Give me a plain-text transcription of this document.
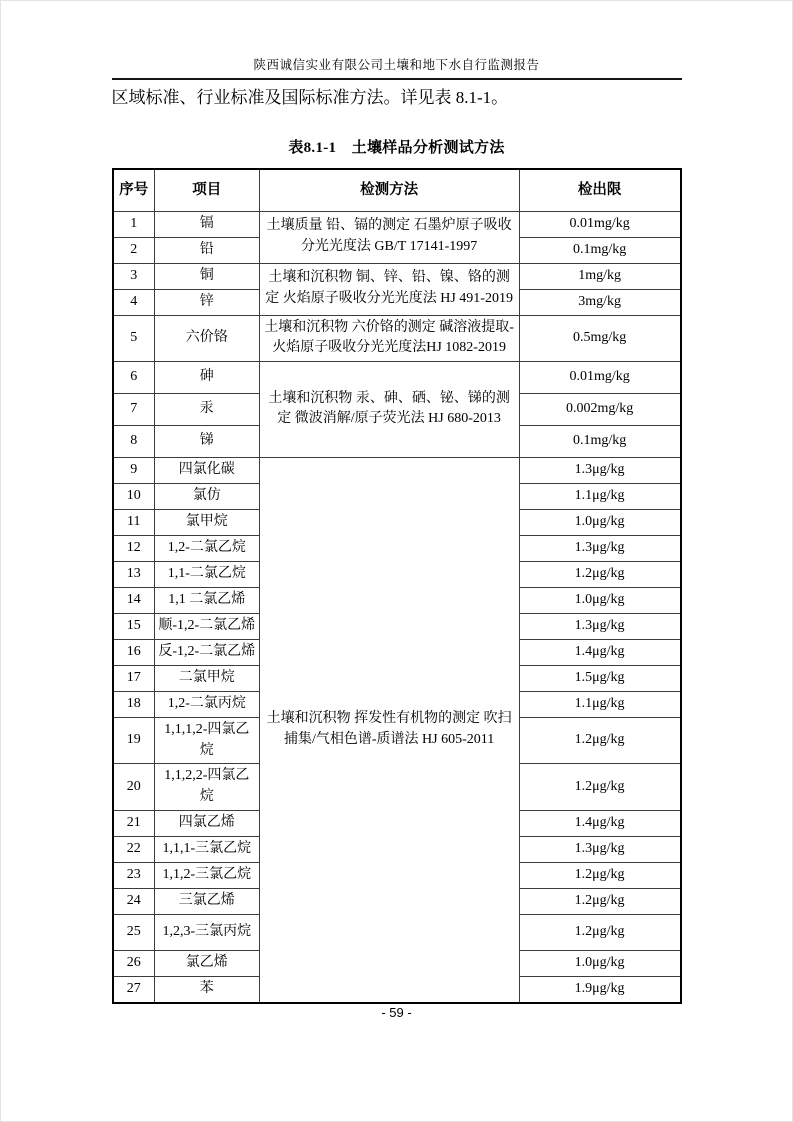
陕西诚信实业有限公司土壤和地下水自行监测报告

区域标准、行业标准及国际标准方法。详见表 8.1-1。

表8.1-1　土壤样品分析测试方法
序号	项目	检测方法	检出限
1	镉	土壤质量 铅、镉的测定 石墨炉原子吸收分光光度法 GB/T 17141-1997	0.01mg/kg
2	铅		0.1mg/kg
3	铜	土壤和沉积物 铜、锌、铅、镍、铬的测定 火焰原子吸收分光光度法 HJ 491-2019	1mg/kg
4	锌		3mg/kg
5	六价铬	土壤和沉积物 六价铬的测定 碱溶液提取-火焰原子吸收分光光度法HJ 1082-2019	0.5mg/kg
6	砷	土壤和沉积物 汞、砷、硒、铋、锑的测定 微波消解/原子荧光法 HJ 680-2013	0.01mg/kg
7	汞		0.002mg/kg
8	锑		0.1mg/kg
9	四氯化碳	土壤和沉积物 挥发性有机物的测定 吹扫捕集/气相色谱-质谱法 HJ 605-2011	1.3μg/kg
10	氯仿		1.1μg/kg
11	氯甲烷		1.0μg/kg
12	1,2-二氯乙烷		1.3μg/kg
13	1,1-二氯乙烷		1.2μg/kg
14	1,1 二氯乙烯		1.0μg/kg
15	顺-1,2-二氯乙烯		1.3μg/kg
16	反-1,2-二氯乙烯		1.4μg/kg
17	二氯甲烷		1.5μg/kg
18	1,2-二氯丙烷		1.1μg/kg
19	1,1,1,2-四氯乙烷		1.2μg/kg
20	1,1,2,2-四氯乙烷		1.2μg/kg
21	四氯乙烯		1.4μg/kg
22	1,1,1-三氯乙烷		1.3μg/kg
23	1,1,2-三氯乙烷		1.2μg/kg
24	三氯乙烯		1.2μg/kg
25	1,2,3-三氯丙烷		1.2μg/kg
26	氯乙烯		1.0μg/kg
27	苯		1.9μg/kg
- 59 -
